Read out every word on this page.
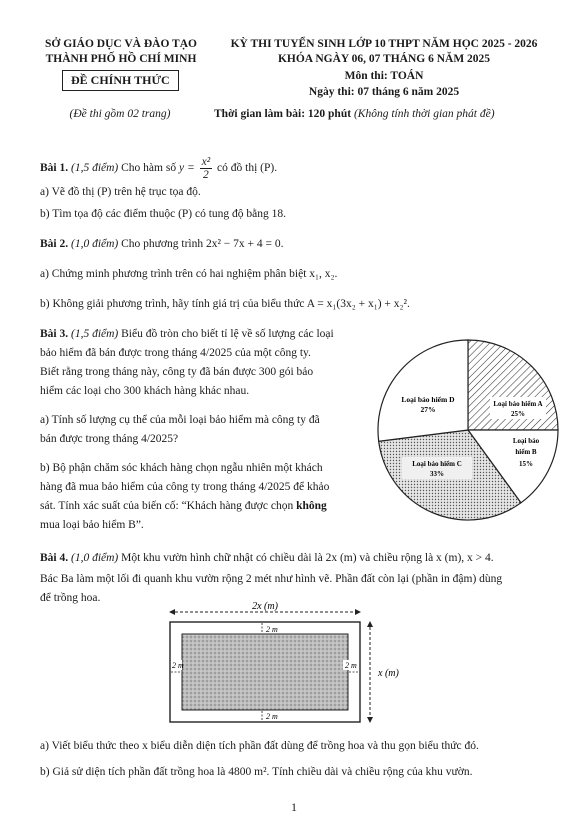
SỞ GIÁO DỤC VÀ ĐÀO TẠO
THÀNH PHỐ HỒ CHÍ MINH
ĐỀ CHÍNH THỨC
(Đề thi gồm 02 trang)
KỲ THI TUYỂN SINH LỚP 10 THPT NĂM HỌC 2025 - 2026
KHÓA NGÀY 06, 07 THÁNG 6 NĂM 2025
Môn thi: TOÁN
Ngày thi: 07 tháng 6 năm 2025
Thời gian làm bài: 120 phút (Không tính thời gian phát đề)
Bài 1. (1,5 điểm) Cho hàm số $y = \frac{\text{x²}}{2}$ có đồ thị (P).
a) Vẽ đồ thị (P) trên hệ trục tọa độ.
b) Tìm tọa độ các điểm thuộc (P) có tung độ bằng 18.
Bài 2. (1,0 điểm) Cho phương trình 2x² − 7x + 4 = 0.
a) Chứng minh phương trình trên có hai nghiệm phân biệt x₁, x₂.
b) Không giải phương trình, hãy tính giá trị của biểu thức A = x₁(3x₂ + x₁) + x₂².
Bài 3. (1,5 điểm) Biểu đồ tròn cho biết tỉ lệ về số lượng các loại
bảo hiểm đã bán được trong tháng 4/2025 của một công ty.
Biết rằng trong tháng này, công ty đã bán được 300 gói bảo
hiểm các loại cho 300 khách hàng khác nhau.
a) Tính số lượng cụ thể của mỗi loại bảo hiểm mà công ty đã
bán được trong tháng 4/2025?
b) Bộ phận chăm sóc khách hàng chọn ngẫu nhiên một khách
hàng đã mua bảo hiểm của công ty trong tháng 4/2025 để khảo
sát. Tính xác suất của biến cố: “Khách hàng được chọn không
mua loại bảo hiểm B”.
Loại bảo hiểm D
27%
Loại bảo hiểm A
25%
Loại bảo
hiểm B
15%
Loại bảo hiểm C
33%
Bài 4. (1,0 điểm) Một khu vườn hình chữ nhật có chiều dài là 2x (m) và chiều rộng là x (m), x > 4.
Bác Ba làm một lối đi quanh khu vườn rộng 2 mét như hình vẽ. Phần đất còn lại (phần in đậm) dùng
để trồng hoa.
2x (m)
2 m
2 m
2 m	2 m
x (m)
a) Viết biểu thức theo x biểu diễn diện tích phần đất dùng để trồng hoa và thu gọn biểu thức đó.
b) Giả sử diện tích phần đất trồng hoa là 4800 m². Tính chiều dài và chiều rộng của khu vườn.
1
